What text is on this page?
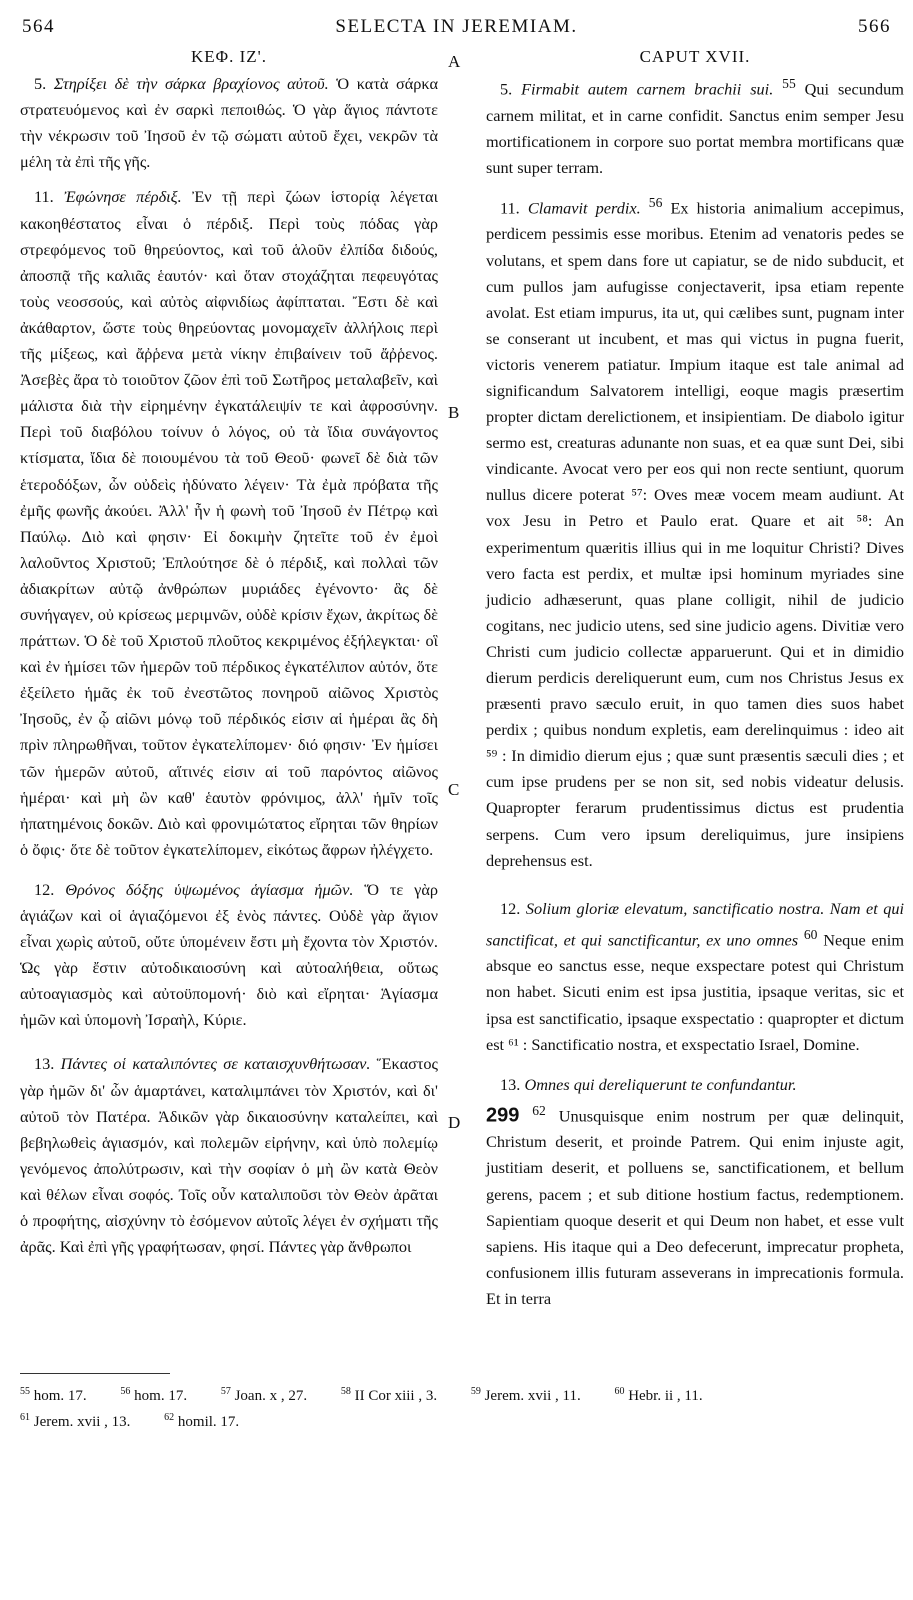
564	SELECTA IN JEREMIAM.	566
ΚΕΦ. ΙΖ'.

5. Στηρίξει δὲ τὴν σάρκα βραχίονος αὐτοῦ. Ὁ κατὰ σάρκα στρατευόμενος καὶ ἐν σαρκὶ πεποιθώς. Ὁ γὰρ ἅγιος πάντοτε τὴν νέκρωσιν τοῦ Ἰησοῦ ἐν τῷ σώματι αὐτοῦ ἔχει, νεκρῶν τὰ μέλη τὰ ἐπὶ τῆς γῆς.

11. Ἐφώνησε πέρδιξ. Ἐν τῇ περὶ ζώων ἱστορίᾳ λέγεται κακοηθέστατος εἶναι ὁ πέρδιξ. Περὶ τοὺς πόδας γὰρ στρεφόμενος τοῦ θηρεύοντος, καὶ τοῦ ἁλοῦν ἐλπίδα διδούς, ἀποσπᾷ τῆς καλιᾶς ἑαυτόν· καὶ ὅταν στοχάζηται πεφευγότας τοὺς νεοσσούς, καὶ αὐτὸς αἰφνιδίως ἀφίπταται. Ἔστι δὲ καὶ ἀκάθαρτον, ὥστε τοὺς θηρεύοντας μονομαχεῖν ἀλλήλοις περὶ τῆς μίξεως, καὶ ἄῤῥενα μετὰ νίκην ἐπιβαίνειν τοῦ ἄῤῥενος. Ἀσεβὲς ἄρα τὸ τοιοῦτον ζῶον ἐπὶ τοῦ Σωτῆρος μεταλαβεῖν, καὶ μάλιστα διὰ τὴν εἰρημένην ἐγκατάλειψίν τε καὶ ἀφροσύνην. Περὶ τοῦ διαβόλου τοίνυν ὁ λόγος, οὐ τὰ ἴδια συνάγοντος κτίσματα, ἴδια δὲ ποιουμένου τὰ τοῦ Θεοῦ· φωνεῖ δὲ διὰ τῶν ἑτεροδόξων, ὧν οὐδεὶς ἠδύνατο λέγειν· Τὰ ἐμὰ πρόβατα τῆς ἐμῆς φωνῆς ἀκούει. Ἀλλ' ἦν ἡ φωνὴ τοῦ Ἰησοῦ ἐν Πέτρῳ καὶ Παύλῳ. Διὸ καὶ φησιν· Εἰ δοκιμὴν ζητεῖτε τοῦ ἐν ἐμοὶ λαλοῦντος Χριστοῦ; Ἐπλούτησε δὲ ὁ πέρδιξ, καὶ πολλαὶ τῶν ἀδιακρίτων αὐτῷ ἀνθρώπων μυριάδες ἐγένοντο· ἃς δὲ συνήγαγεν, οὐ κρίσεως μεριμνῶν, οὐδὲ κρίσιν ἔχων, ἀκρίτως δὲ πράττων. Ὁ δὲ τοῦ Χριστοῦ πλοῦτος κεκριμένος ἐξήλεγκται· οἳ καὶ ἐν ἡμίσει τῶν ἡμερῶν τοῦ πέρδικος ἐγκατέλιπον αὐτόν, ὅτε ἐξείλετο ἡμᾶς ἐκ τοῦ ἐνεστῶτος πονηροῦ αἰῶνος Χριστὸς Ἰησοῦς, ἐν ᾧ αἰῶνι μόνῳ τοῦ πέρδικός εἰσιν αἱ ἡμέραι ἃς δὴ πρὶν πληρωθῆναι, τοῦτον ἐγκατελίπομεν· διό φησιν· Ἐν ἡμίσει τῶν ἡμερῶν αὐτοῦ, αἵτινές εἰσιν αἱ τοῦ παρόντος αἰῶνος ἡμέραι· καὶ μὴ ὢν καθ' ἑαυτὸν φρόνιμος, ἀλλ' ἡμῖν τοῖς ἠπατημένοις δοκῶν. Διὸ καὶ φρονιμώτατος εἴρηται τῶν θηρίων ὁ ὄφις· ὅτε δὲ τοῦτον ἐγκατελίπομεν, εἰκότως ἄφρων ἠλέγχετο.

12. Θρόνος δόξης ὑψωμένος ἁγίασμα ἡμῶν. Ὅ τε γὰρ ἁγιάζων καὶ οἱ ἁγιαζόμενοι ἐξ ἑνὸς πάντες. Οὐδὲ γὰρ ἅγιον εἶναι χωρὶς αὐτοῦ, οὔτε ὑπομένειν ἔστι μὴ ἔχοντα τὸν Χριστόν. Ὡς γὰρ ἔστιν αὐτοδικαιοσύνη καὶ αὐτοαλήθεια, οὕτως αὐτοαγιασμὸς καὶ αὐτοϋπομονή· διὸ καὶ εἴρηται· Ἁγίασμα ἡμῶν καὶ ὑπομονὴ Ἰσραὴλ, Κύριε.

13. Πάντες οἱ καταλιπόντες σε καταισχυνθήτωσαν. Ἕκαστος γὰρ ἡμῶν δι' ὧν ἁμαρτάνει, καταλιμπάνει τὸν Χριστόν, καὶ δι' αὐτοῦ τὸν Πατέρα. Ἀδικῶν γὰρ δικαιοσύνην καταλείπει, καὶ βεβηλωθεὶς ἁγιασμόν, καὶ πολεμῶν εἰρήνην, καὶ ὑπὸ πολεμίῳ γενόμενος ἀπολύτρωσιν, καὶ τὴν σοφίαν ὁ μὴ ὢν κατὰ Θεὸν καὶ θέλων εἶναι σοφός. Τοῖς οὖν καταλιποῦσι τὸν Θεὸν ἀρᾶται ὁ προφήτης, αἰσχύνην τὸ ἐσόμενον αὐτοῖς λέγει ἐν σχήματι τῆς ἀρᾶς. Καὶ ἐπὶ γῆς γραφήτωσαν, φησί. Πάντες γὰρ ἄνθρωποι

A
B
C
D
CAPUT XVII.

5. Firmabit autem carnem brachii sui. $^{55}$ Qui secundum carnem militat, et in carne confidit. Sanctus enim semper Jesu mortificationem in corpore suo portat membra mortificans quæ sunt super terram.

11. Clamavit perdix. $^{56}$ Ex historia animalium accepimus, perdicem pessimis esse moribus. Etenim ad venatoris pedes se volutans, et spem dans fore ut capiatur, se de nido subducit, et cum pullos jam aufugisse conjectaverit, ipsa etiam repente avolat. Est etiam impurus, ita ut, qui cælibes sunt, pugnam inter se conserant ut incubent, et mas qui victus in pugna fuerit, victoris venerem patiatur. Impium itaque est tale animal ad significandum Salvatorem intelligi, eoque magis præsertim propter dictam derelictionem, et insipientiam. De diabolo igitur sermo est, creaturas adunante non suas, et ea quæ sunt Dei, sibi vindicante. Avocat vero per eos qui non recte sentiunt, quorum nullus dicere poterat ⁵⁷: Oves meæ vocem meam audiunt. At vox Jesu in Petro et Paulo erat. Quare et ait ⁵⁸: An experimentum quæritis illius qui in me loquitur Christi? Dives vero facta est perdix, et multæ ipsi hominum myriades sine judicio adhæserunt, quas plane colligit, nihil de judicio cogitans, nec judicio utens, sed sine judicio agens. Divitiæ vero Christi cum judicio collectæ apparuerunt. Qui et in dimidio dierum perdicis dereliquerunt eum, cum nos Christus Jesus ex præsenti pravo sæculo eruit, in quo tamen dies suos habet perdix ; quibus nondum expletis, eam derelinquimus : ideo ait ⁵⁹ : In dimidio dierum ejus ; quæ sunt præsentis sæculi dies ; et cum ipse prudens per se non sit, sed nobis videatur delusis. Quapropter ferarum prudentissimus dictus est prudentia serpens. Cum vero ipsum dereliquimus, jure insipiens deprehensus est.

12. Solium gloriæ elevatum, sanctificatio nostra. Nam et qui sanctificat, et qui sanctificantur, ex uno omnes $^{60}$ Neque enim absque eo sanctus esse, neque exspectare potest qui Christum non habet. Sicuti enim est ipsa justitia, ipsaque veritas, sic et ipsa est sanctificatio, ipsaque exspectatio : quapropter et dictum est ⁶¹ : Sanctificatio nostra, et exspectatio Israel, Domine.

13. Omnes qui dereliquerunt te confundantur.
299 $^{62}$ Unusquisque enim nostrum per quæ delinquit, Christum deserit, et proinde Patrem. Qui enim injuste agit, justitiam deserit, et polluens se, sanctificationem, et bellum gerens, pacem ; et sub ditione hostium factus, redemptionem. Sapientiam quoque deserit et qui Deum non habet, et esse vult sapiens. His itaque qui a Deo defecerunt, imprecatur propheta, confusionem illis futuram asseverans in imprecationis formula. Et in terra

$^{55}$ hom. 17.	$^{56}$ hom. 17.	$^{57}$ Joan. x , 27.	$^{58}$ II Cor xiii , 3.	$^{59}$ Jerem. xvii , 11.	$^{60}$ Hebr. ii , 11.
$^{61}$ Jerem. xvii , 13.	$^{62}$ homil. 17.
